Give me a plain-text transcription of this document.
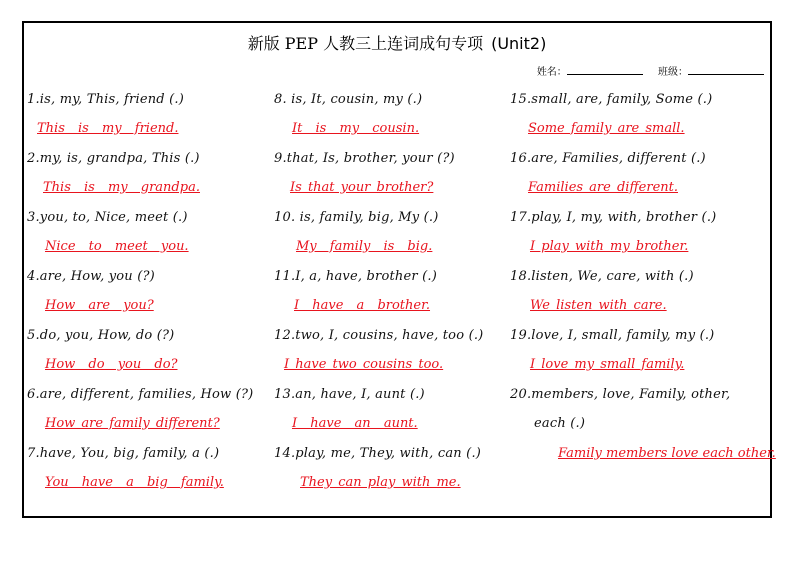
新版 PEP 人教三上连词成句专项 (Unit2)
姓名：	班级：
1.is, my, This, friend (.)
This is my friend.
2.my, is, grandpa, This (.)
This is my grandpa.
3.you, to, Nice, meet (.)
Nice to meet you.
4.are, How, you (?)
How are you?
5.do, you, How, do (?)
How do you do?
6.are, different, families, How (?)
How are family different?
7.have, You, big, family, a (.)
You have a big family.
8. is, It, cousin, my (.)
It is my cousin.
9.that, Is, brother, your (?)
Is that your brother?
10. is, family, big, My (.)
My family is big.
11.I, a, have, brother (.)
I have a brother.
12.two, I, cousins, have, too (.)
I have two cousins too.
13.an, have, I, aunt (.)
I have an aunt.
14.play, me, They, with, can (.)
They can play with me.
15.small, are, family, Some (.)
Some family are small.
16.are, Families, different (.)
Families are different.
17.play, I, my, with, brother (.)
I play with my brother.
18.listen, We, care, with (.)
We listen with care.
19.love, I, small, family, my (.)
I love my small family.
20.members, love, Family, other,
each (.)
Family members love each other.
